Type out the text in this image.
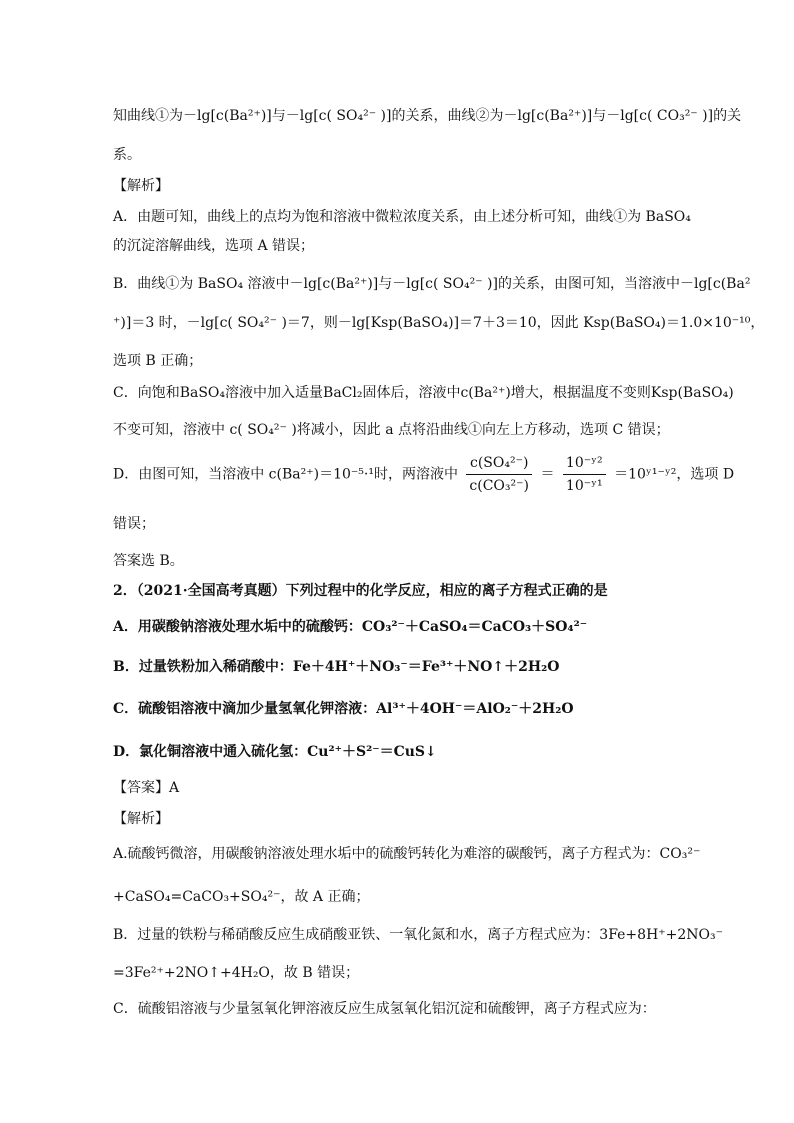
知曲线①为－lg[c(Ba²⁺)]与－lg[c( SO₄²⁻ )]的关系，曲线②为－lg[c(Ba²⁺)]与－lg[c( CO₃²⁻ )]的关
系。
【解析】
A．由题可知，曲线上的点均为饱和溶液中微粒浓度关系，由上述分析可知，曲线①为 BaSO₄
的沉淀溶解曲线，选项 A 错误；
B．曲线①为 BaSO₄ 溶液中－lg[c(Ba²⁺)]与－lg[c( SO₄²⁻ )]的关系，由图可知，当溶液中－lg[c(Ba²
⁺)]＝3 时，－lg[c( SO₄²⁻ )＝7，则－lg[Ksp(BaSO₄)]＝7＋3＝10，因此 Ksp(BaSO₄)＝1.0×10⁻¹⁰，
选项 B 正确；
C．向饱和BaSO₄溶液中加入适量BaCl₂固体后，溶液中c(Ba²⁺)增大，根据温度不变则Ksp(BaSO₄)
不变可知，溶液中 c( SO₄²⁻ )将减小，因此 a 点将沿曲线①向左上方移动，选项 C 错误；
D．由图可知，当溶液中 c(Ba²⁺)＝10⁻⁵·¹时，两溶液中 $\frac{\text{c(SO₄²⁻)}}{\text{c(CO₃²⁻)}} = \frac{\text{10⁻ʸ²}}{\text{10⁻ʸ¹}}$ ＝10ʸ¹⁻ʸ²，选项 D
错误；
答案选 B。
2．（2021·全国高考真题）下列过程中的化学反应，相应的离子方程式正确的是
A．用碳酸钠溶液处理水垢中的硫酸钙：CO₃²⁻＋CaSO₄＝CaCO₃＋SO₄²⁻
B．过量铁粉加入稀硝酸中：Fe＋4H⁺＋NO₃⁻＝Fe³⁺＋NO↑＋2H₂O
C．硫酸铝溶液中滴加少量氢氧化钾溶液：Al³⁺＋4OH⁻＝AlO₂⁻＋2H₂O
D．氯化铜溶液中通入硫化氢：Cu²⁺＋S²⁻＝CuS↓
【答案】A
【解析】
A.硫酸钙微溶，用碳酸钠溶液处理水垢中的硫酸钙转化为难溶的碳酸钙，离子方程式为：CO₃²⁻
+CaSO₄=CaCO₃+SO₄²⁻，故 A 正确；
B．过量的铁粉与稀硝酸反应生成硝酸亚铁、一氧化氮和水，离子方程式应为：3Fe+8H⁺+2NO₃⁻
=3Fe²⁺+2NO↑+4H₂O，故 B 错误；
C．硫酸铝溶液与少量氢氧化钾溶液反应生成氢氧化铝沉淀和硫酸钾，离子方程式应为：
